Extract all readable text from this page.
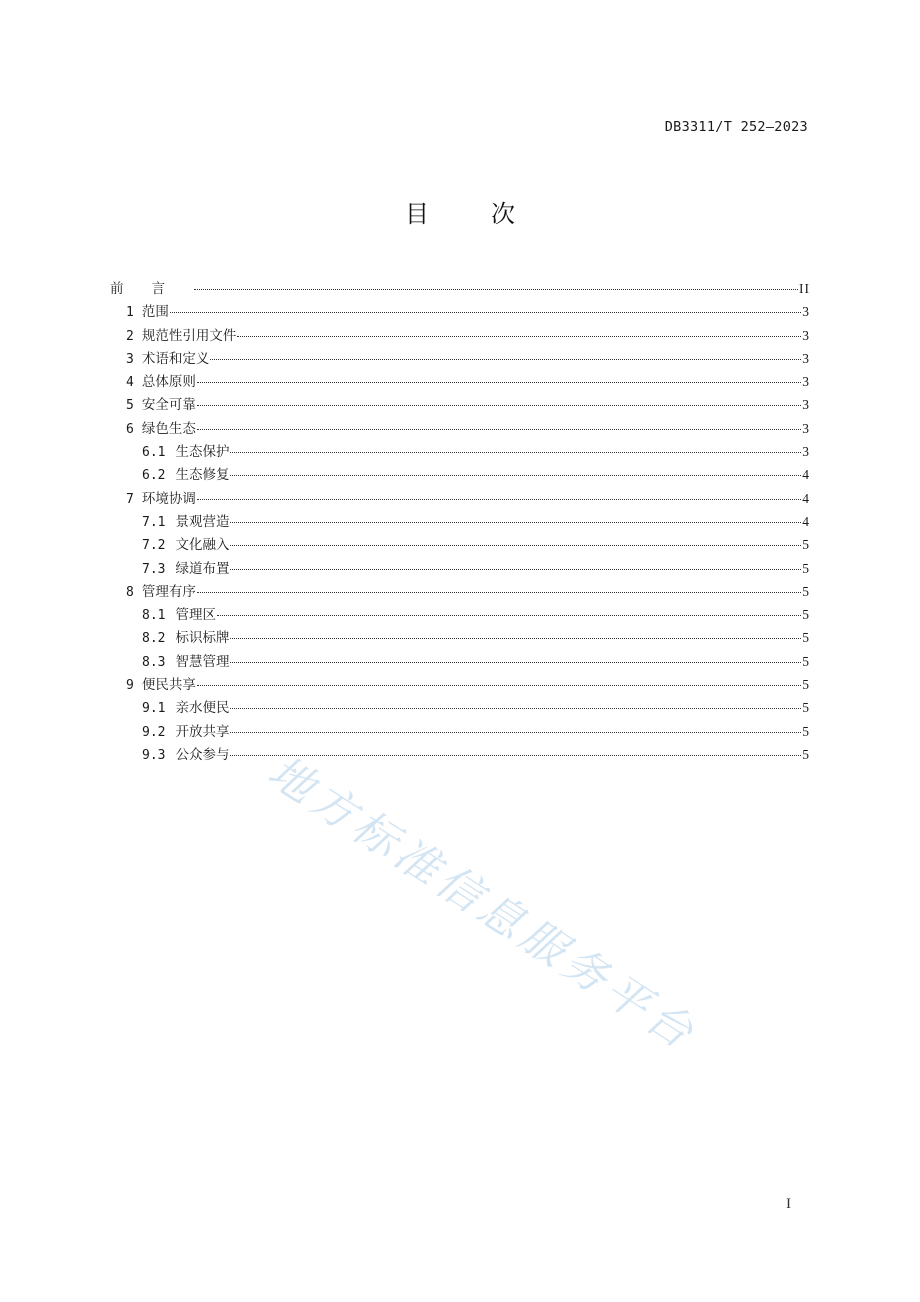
DB3311/T 252—2023
目次
前言	II
1 范围	3
2 规范性引用文件	3
3 术语和定义	3
4 总体原则	3
5 安全可靠	3
6 绿色生态	3
6.1 生态保护	3
6.2 生态修复	4
7 环境协调	4
7.1 景观营造	4
7.2 文化融入	5
7.3 绿道布置	5
8 管理有序	5
8.1 管理区	5
8.2 标识标牌	5
8.3 智慧管理	5
9 便民共享	5
9.1 亲水便民	5
9.2 开放共享	5
9.3 公众参与	5
I
地方标准信息服务平台
